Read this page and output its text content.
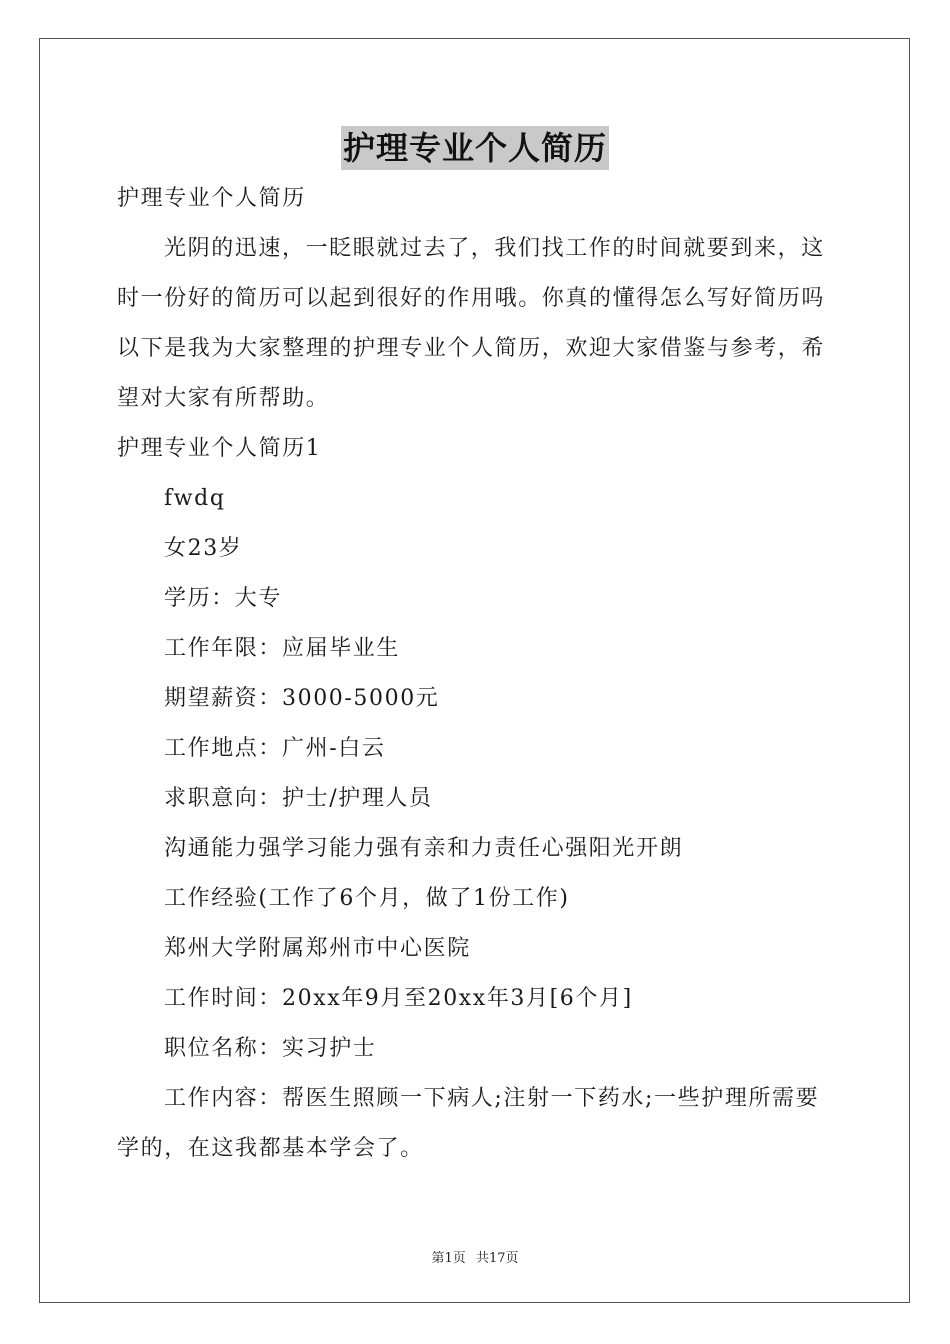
护理专业个人简历
护理专业个人简历
光阴的迅速，一眨眼就过去了，我们找工作的时间就要到来，这
时一份好的简历可以起到很好的作用哦。你真的懂得怎么写好简历吗
以下是我为大家整理的护理专业个人简历，欢迎大家借鉴与参考，希
望对大家有所帮助。
护理专业个人简历1
fwdq
女23岁
学历：大专
工作年限：应届毕业生
期望薪资：3000-5000元
工作地点：广州-白云
求职意向：护士/护理人员
沟通能力强学习能力强有亲和力责任心强阳光开朗
工作经验(工作了6个月，做了1份工作)
郑州大学附属郑州市中心医院
工作时间：20xx年9月至20xx年3月[6个月]
职位名称：实习护士
工作内容：帮医生照顾一下病人;注射一下药水;一些护理所需要
学的，在这我都基本学会了。
第1页 共17页
